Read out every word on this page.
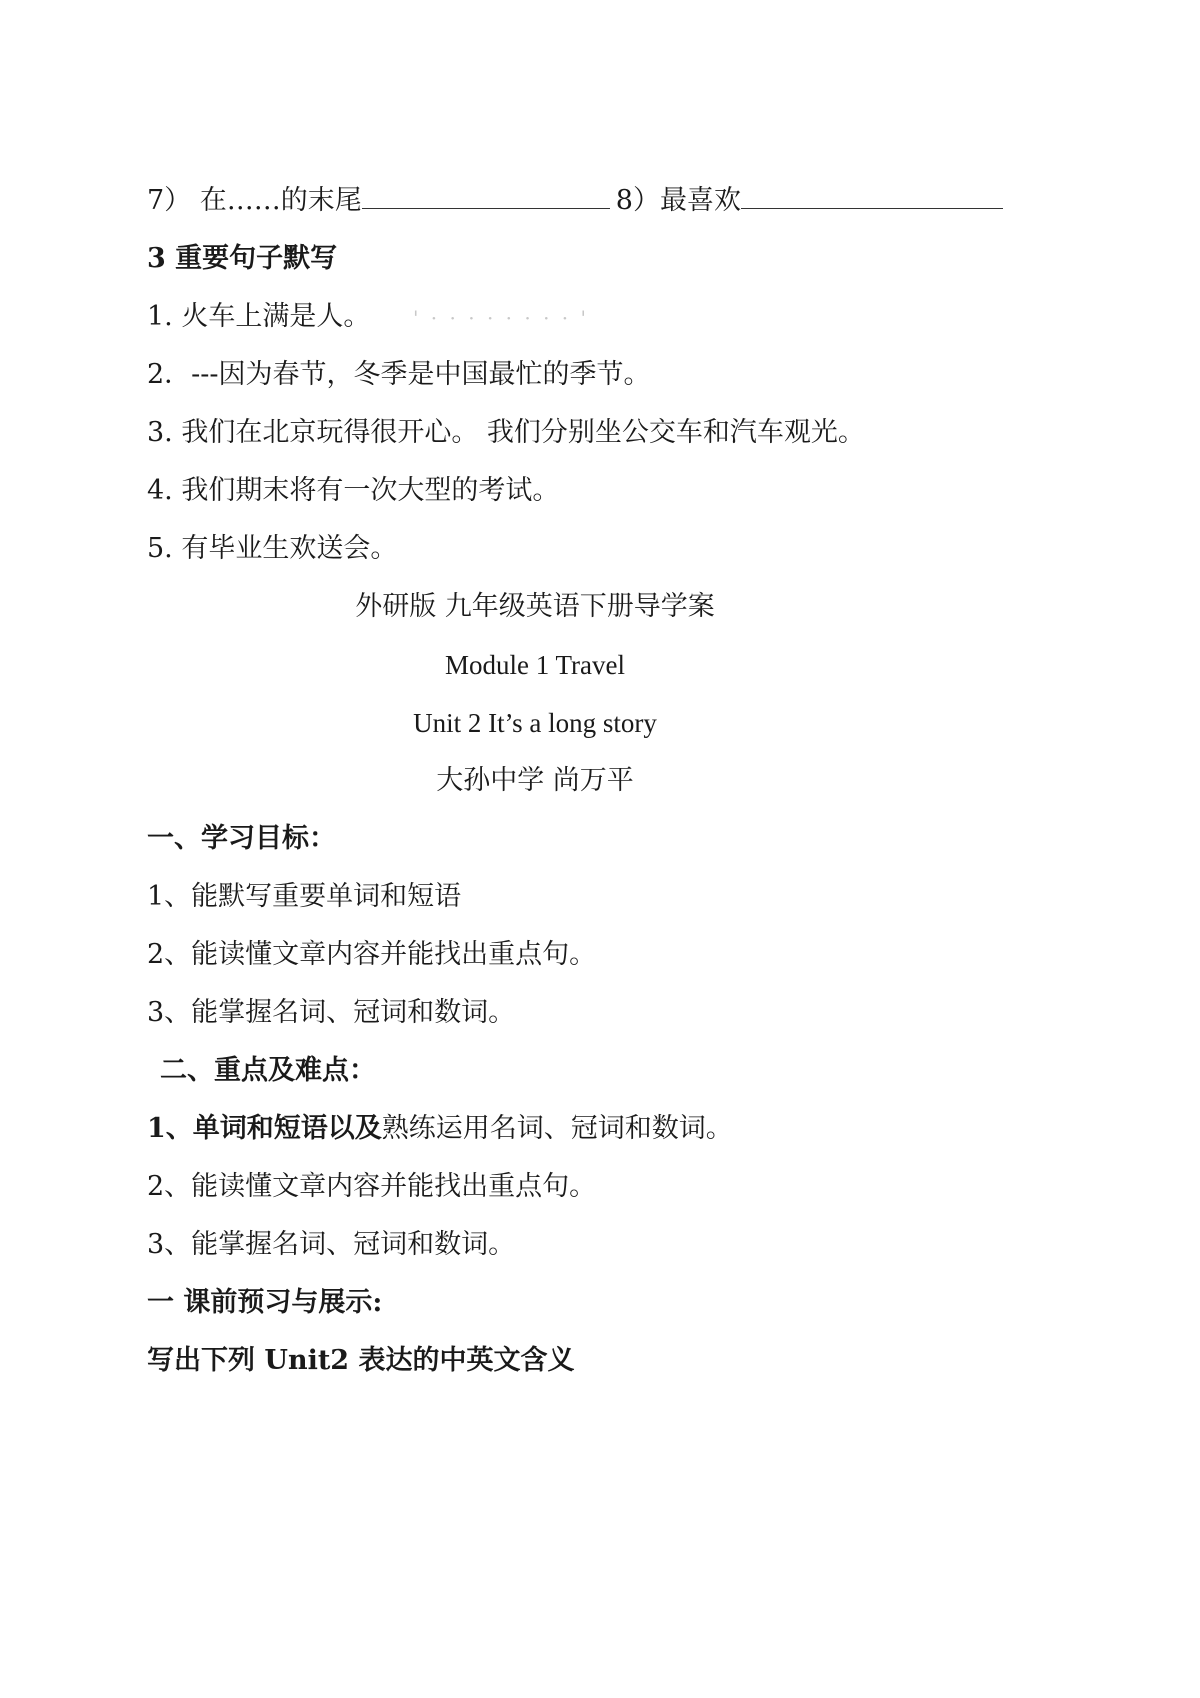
7） 在……的末尾	8）最喜欢
3 重要句子默写
1. 火车上满是人。 ' · · · · · · · · '
2．---因为春节，冬季是中国最忙的季节。
3. 我们在北京玩得很开心。 我们分别坐公交车和汽车观光。
4. 我们期末将有一次大型的考试。
5. 有毕业生欢送会。
外研版 九年级英语下册导学案
Module 1 Travel
Unit 2 It’s a long story
大孙中学 尚万平
一、学习目标：
1、能默写重要单词和短语
2、能读懂文章内容并能找出重点句。
3、能掌握名词、冠词和数词。
二、重点及难点：
1、单词和短语以及熟练运用名词、冠词和数词。
2、能读懂文章内容并能找出重点句。
3、能掌握名词、冠词和数词。
一 课前预习与展示:
写出下列 Unit2 表达的中英文含义
